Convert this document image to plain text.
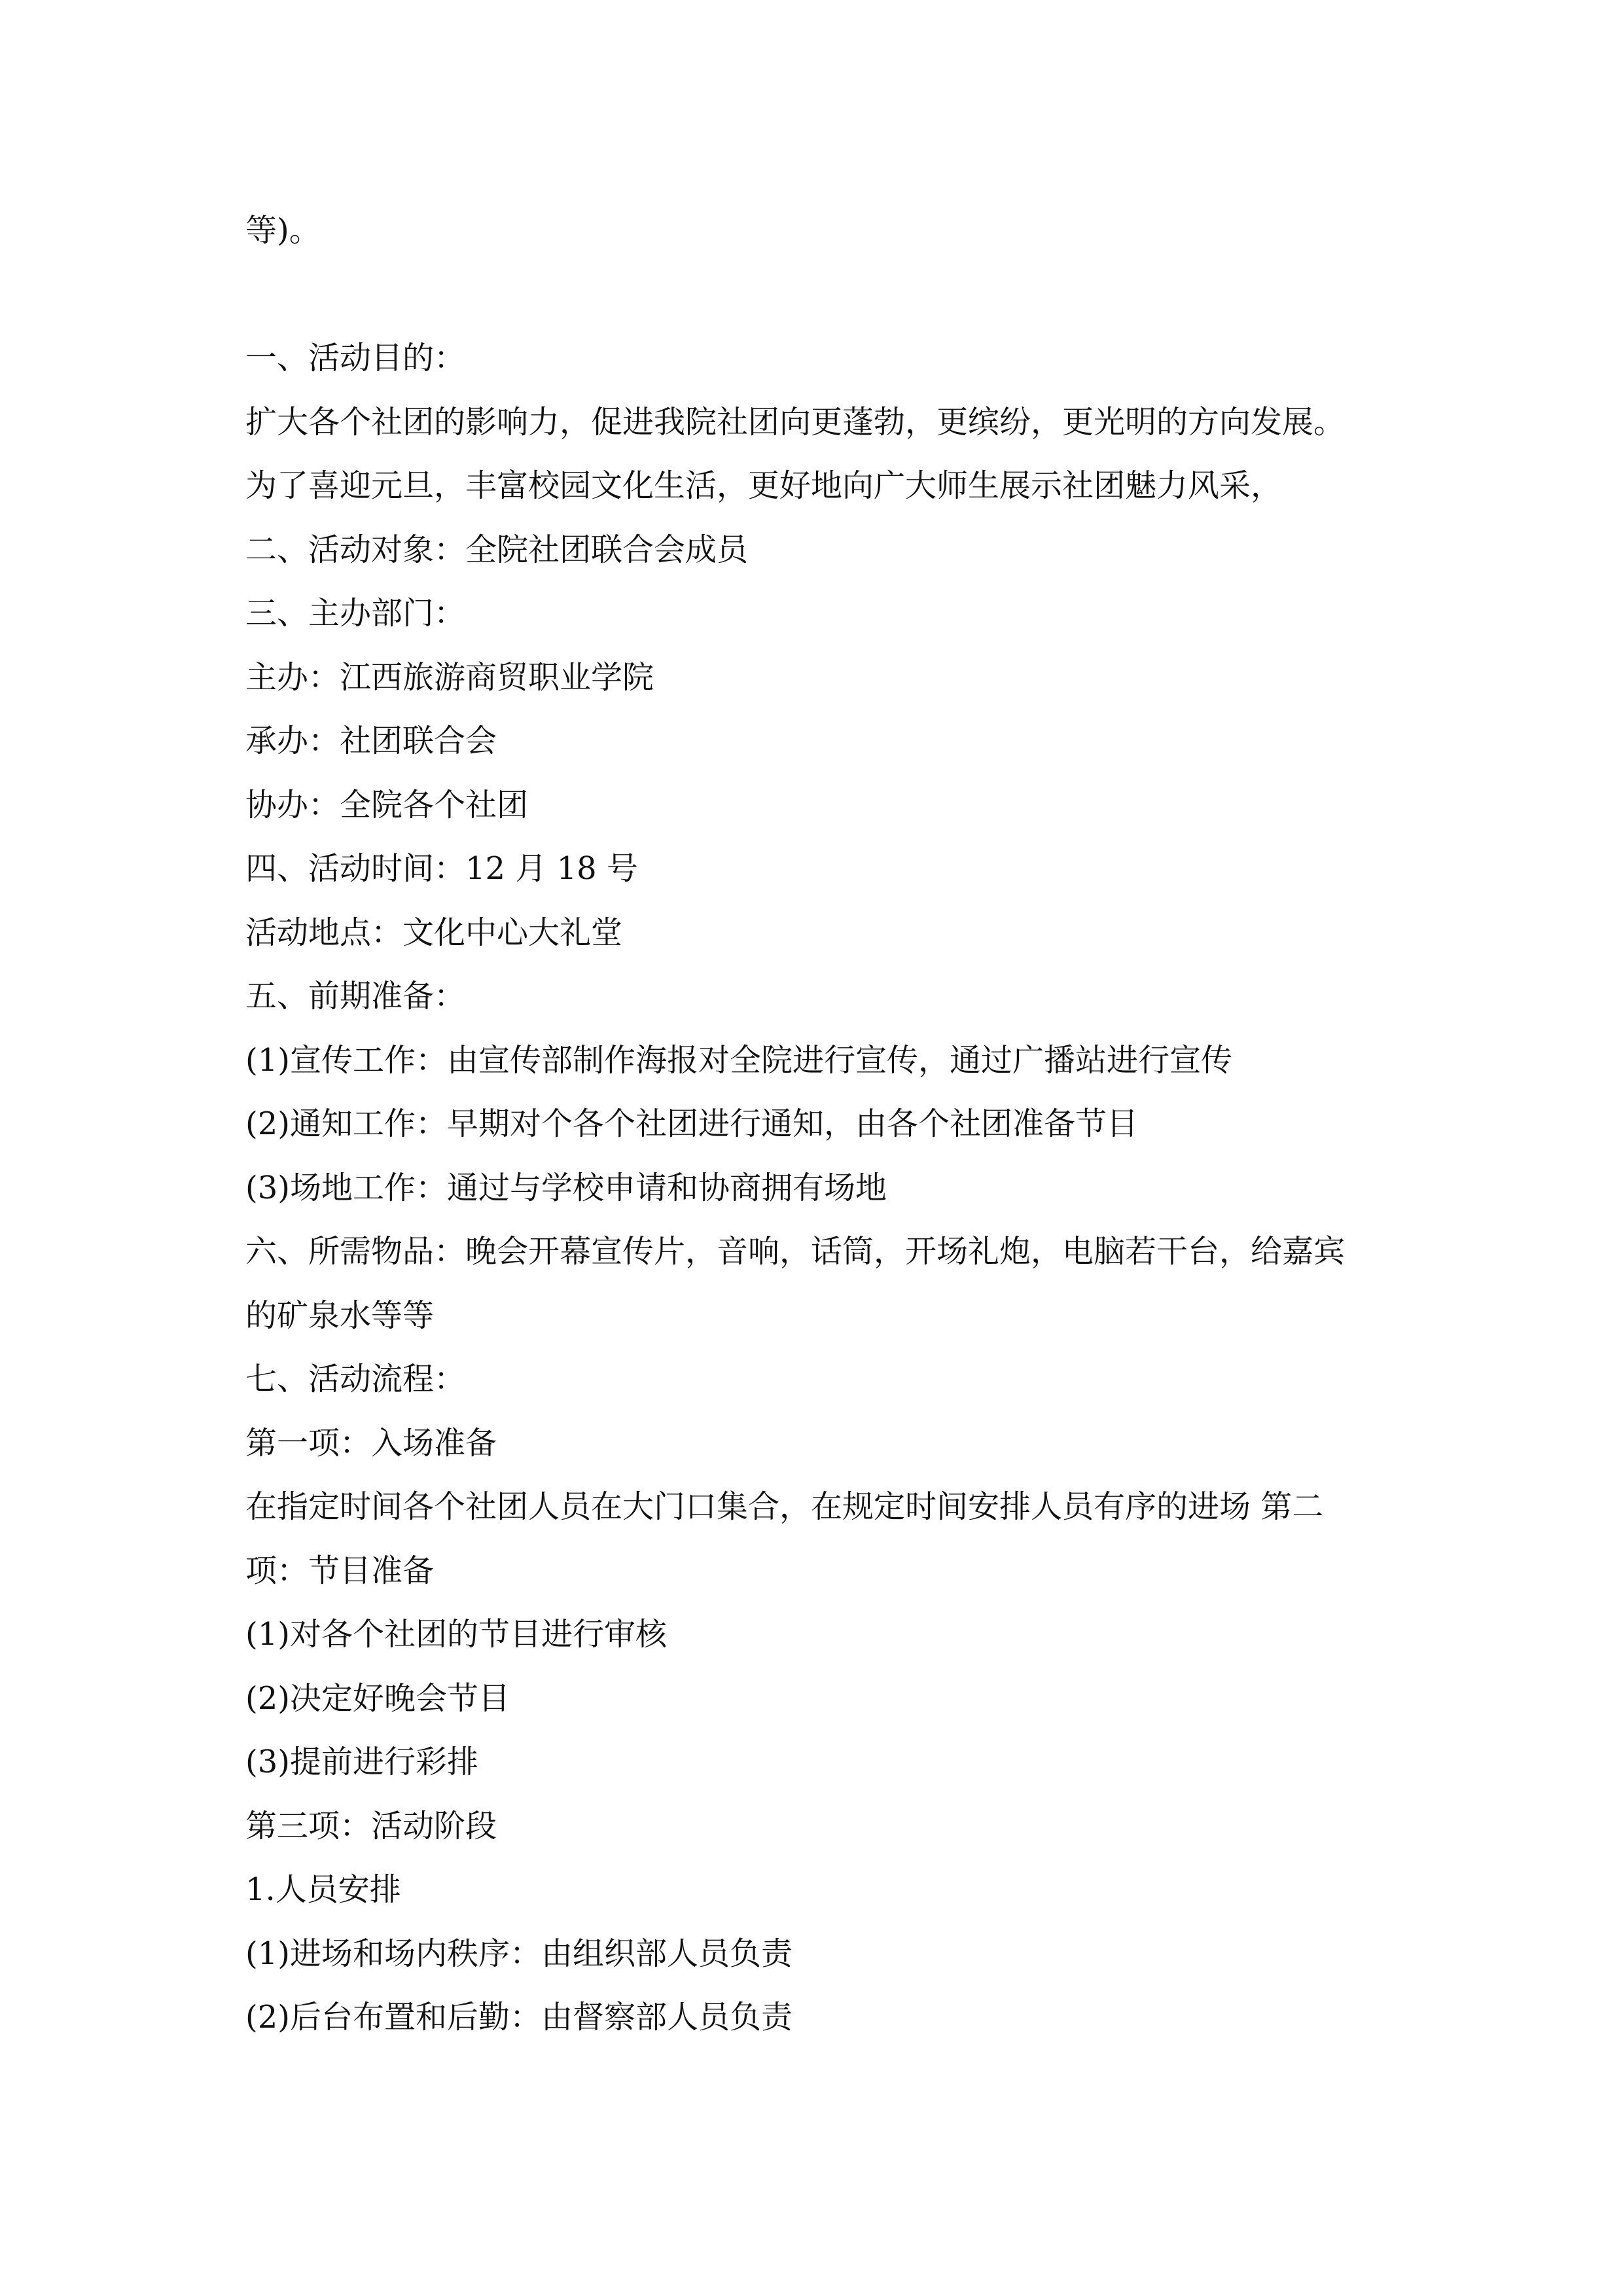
等)。

一、活动目的：

扩大各个社团的影响力，促进我院社团向更蓬勃，更缤纷，更光明的方向发展。

为了喜迎元旦，丰富校园文化生活，更好地向广大师生展示社团魅力风采，

二、活动对象：全院社团联合会成员

三、主办部门：

主办：江西旅游商贸职业学院

承办：社团联合会

协办：全院各个社团

四、活动时间：12 月 18 号

活动地点：文化中心大礼堂

五、前期准备：

(1)宣传工作：由宣传部制作海报对全院进行宣传，通过广播站进行宣传

(2)通知工作：早期对个各个社团进行通知，由各个社团准备节目

(3)场地工作：通过与学校申请和协商拥有场地

六、所需物品：晚会开幕宣传片，音响，话筒，开场礼炮，电脑若干台，给嘉宾

的矿泉水等等

七、活动流程：

第一项：入场准备

在指定时间各个社团人员在大门口集合，在规定时间安排人员有序的进场 第二

项：节目准备

(1)对各个社团的节目进行审核

(2)决定好晚会节目

(3)提前进行彩排

第三项：活动阶段

1.人员安排

(1)进场和场内秩序：由组织部人员负责

(2)后台布置和后勤：由督察部人员负责
